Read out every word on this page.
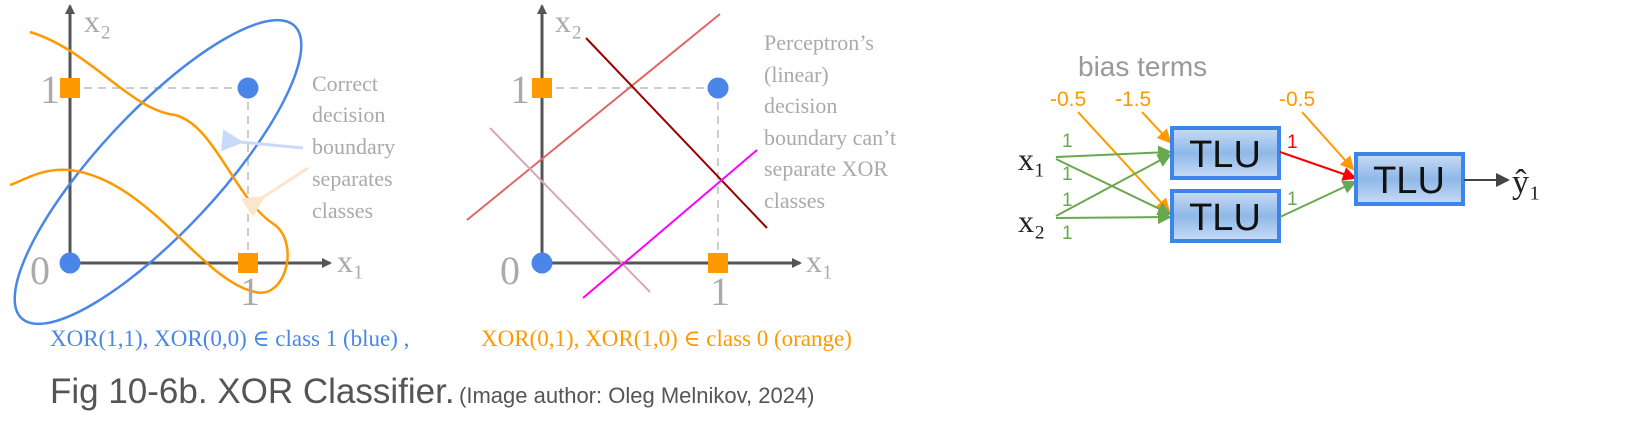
x₂
x₁
1
0	1
Correct decision boundary separates classes
x₂
x₁
1
0	1
Perceptron’s (linear) decision boundary can’t separate XOR classes
bias terms
-0.5 -1.5	-0.5
x₁
x₂
1
1
1
1
TLU
TLU
1
1 TLU ŷ₁
XOR(1,1), XOR(0,0) ∈ class 1 (blue) ,	XOR(0,1), XOR(1,0) ∈ class 0 (orange)
Fig 10-6b. XOR Classifier. (Image author: Oleg Melnikov, 2024)
